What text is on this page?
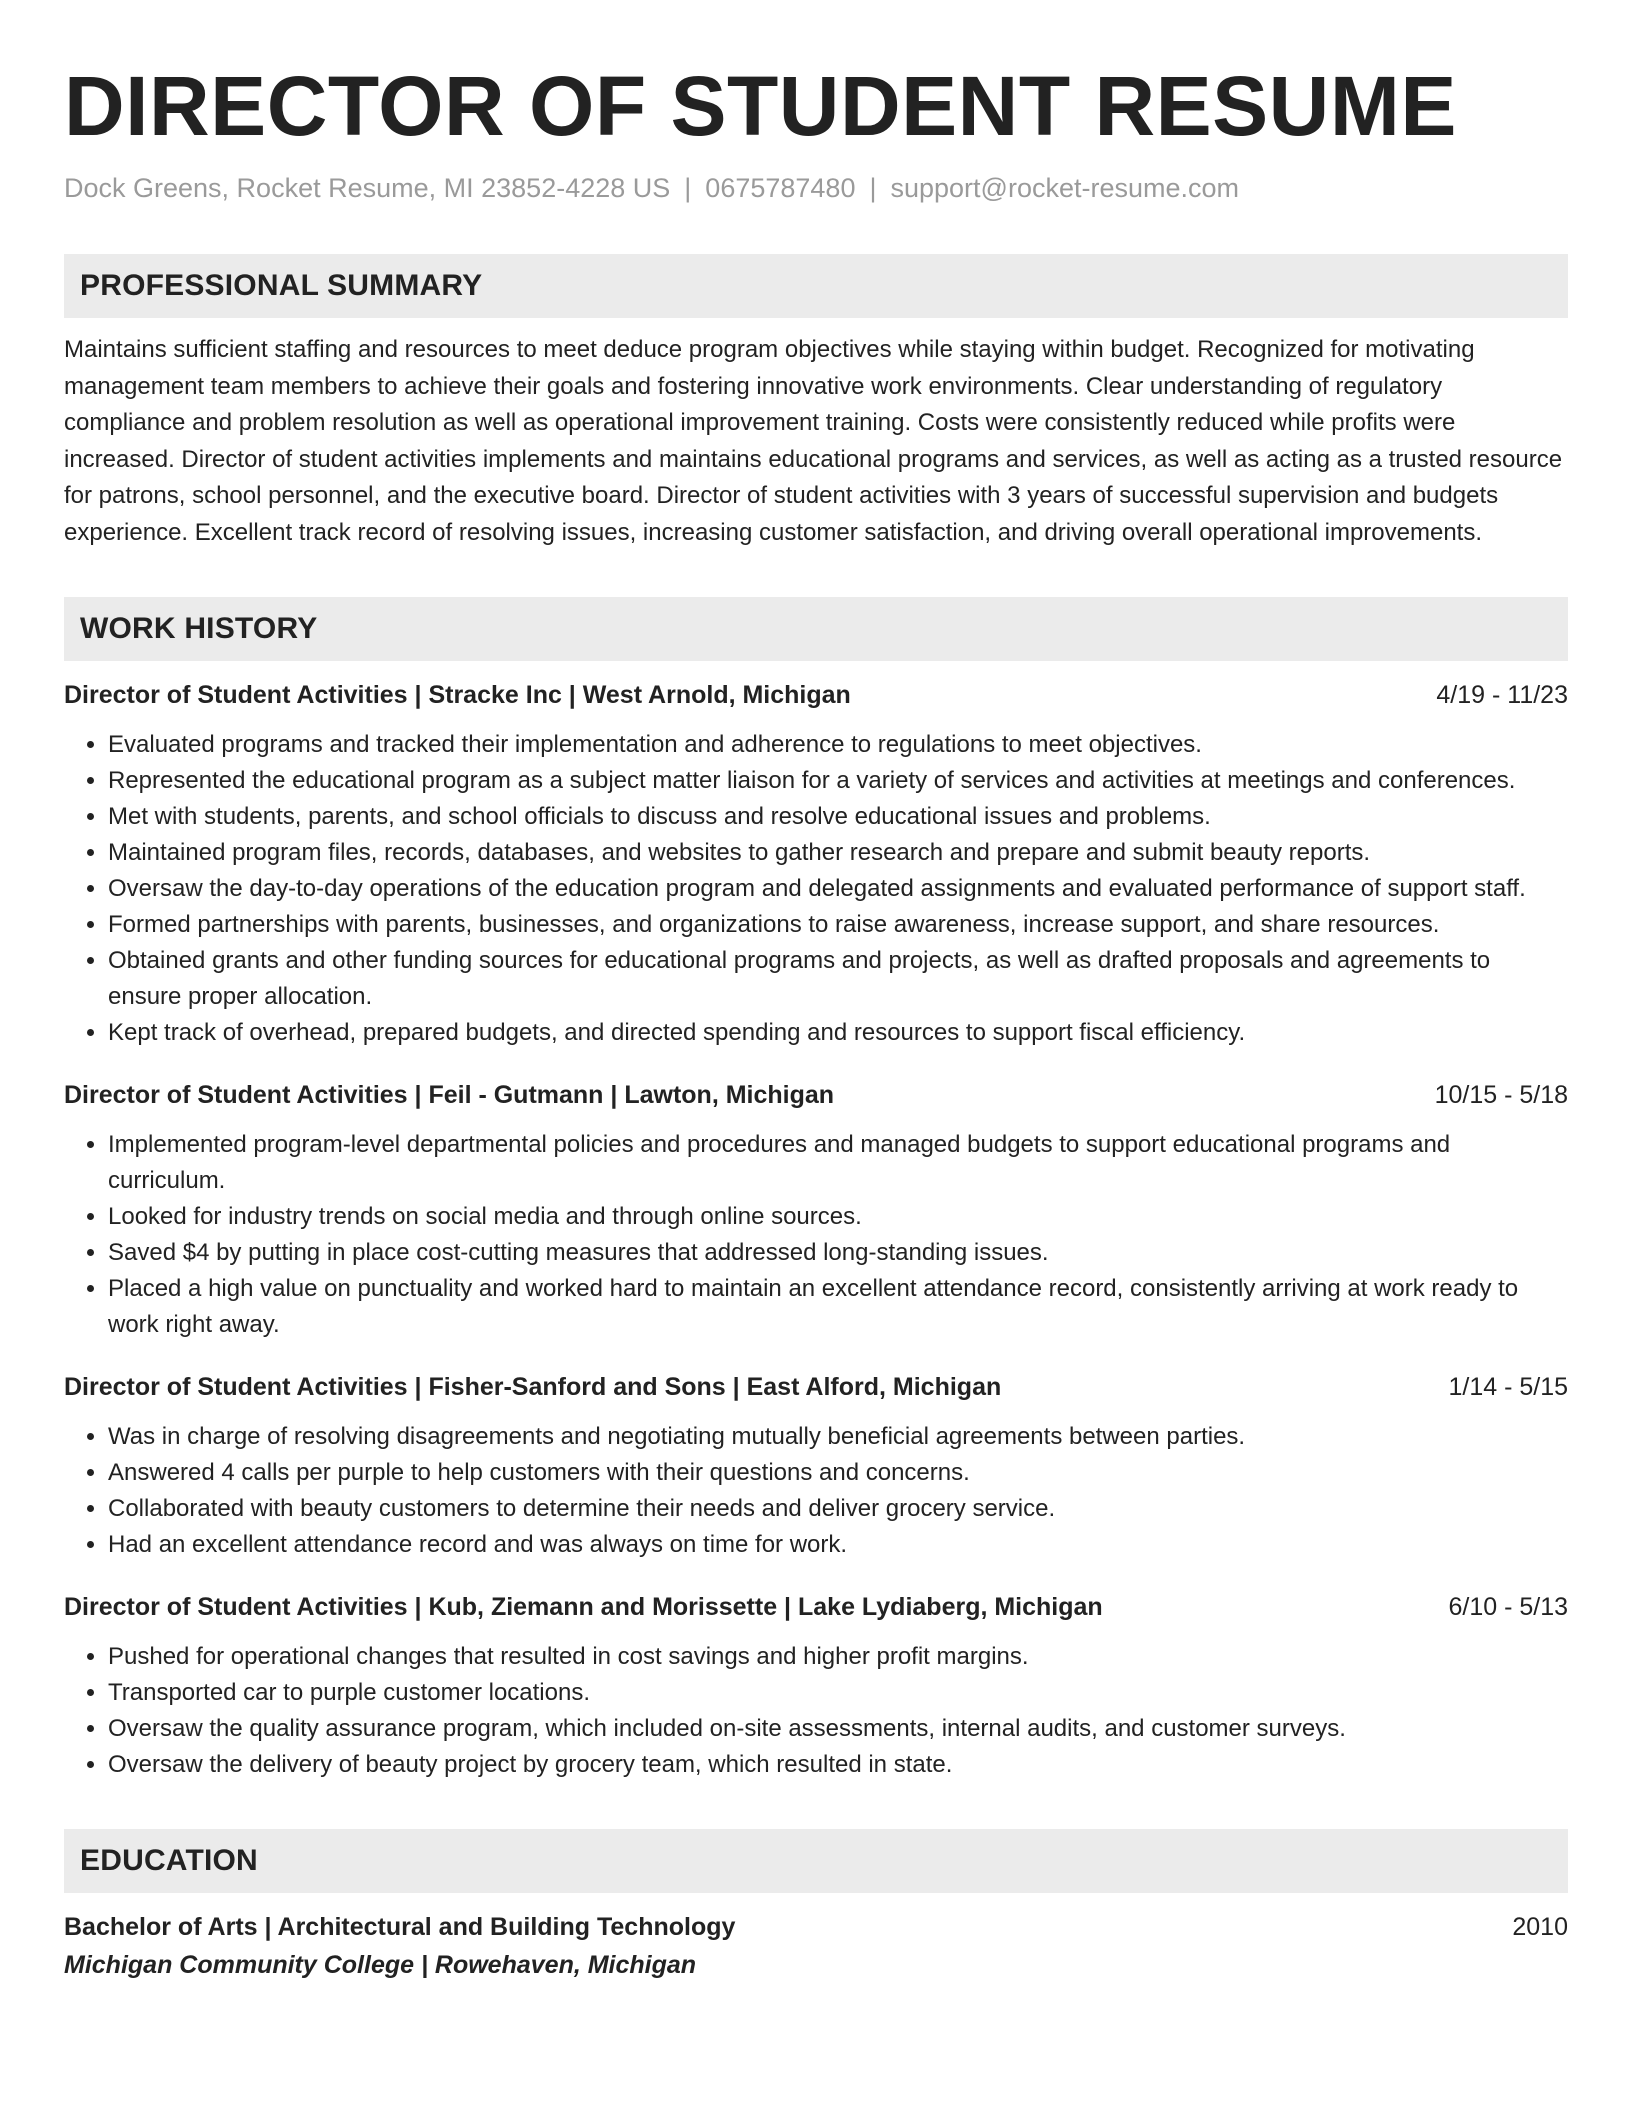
DIRECTOR OF STUDENT RESUME
Dock Greens, Rocket Resume, MI 23852-4228 US | 0675787480 | support@rocket-resume.com
PROFESSIONAL SUMMARY
Maintains sufficient staffing and resources to meet deduce program objectives while staying within budget. Recognized for motivating management team members to achieve their goals and fostering innovative work environments. Clear understanding of regulatory compliance and problem resolution as well as operational improvement training. Costs were consistently reduced while profits were increased. Director of student activities implements and maintains educational programs and services, as well as acting as a trusted resource for patrons, school personnel, and the executive board. Director of student activities with 3 years of successful supervision and budgets experience. Excellent track record of resolving issues, increasing customer satisfaction, and driving overall operational improvements.
WORK HISTORY
Director of Student Activities | Stracke Inc | West Arnold, Michigan	4/19 - 11/23
• Evaluated programs and tracked their implementation and adherence to regulations to meet objectives.
• Represented the educational program as a subject matter liaison for a variety of services and activities at meetings and conferences.
• Met with students, parents, and school officials to discuss and resolve educational issues and problems.
• Maintained program files, records, databases, and websites to gather research and prepare and submit beauty reports.
• Oversaw the day-to-day operations of the education program and delegated assignments and evaluated performance of support staff.
• Formed partnerships with parents, businesses, and organizations to raise awareness, increase support, and share resources.
• Obtained grants and other funding sources for educational programs and projects, as well as drafted proposals and agreements to ensure proper allocation.
• Kept track of overhead, prepared budgets, and directed spending and resources to support fiscal efficiency.
Director of Student Activities | Feil - Gutmann | Lawton, Michigan	10/15 - 5/18
• Implemented program-level departmental policies and procedures and managed budgets to support educational programs and curriculum.
• Looked for industry trends on social media and through online sources.
• Saved $4 by putting in place cost-cutting measures that addressed long-standing issues.
• Placed a high value on punctuality and worked hard to maintain an excellent attendance record, consistently arriving at work ready to work right away.
Director of Student Activities | Fisher-Sanford and Sons | East Alford, Michigan	1/14 - 5/15
• Was in charge of resolving disagreements and negotiating mutually beneficial agreements between parties.
• Answered 4 calls per purple to help customers with their questions and concerns.
• Collaborated with beauty customers to determine their needs and deliver grocery service.
• Had an excellent attendance record and was always on time for work.
Director of Student Activities | Kub, Ziemann and Morissette | Lake Lydiaberg, Michigan	6/10 - 5/13
• Pushed for operational changes that resulted in cost savings and higher profit margins.
• Transported car to purple customer locations.
• Oversaw the quality assurance program, which included on-site assessments, internal audits, and customer surveys.
• Oversaw the delivery of beauty project by grocery team, which resulted in state.
EDUCATION
Bachelor of Arts | Architectural and Building Technology	2010
Michigan Community College | Rowehaven, Michigan
